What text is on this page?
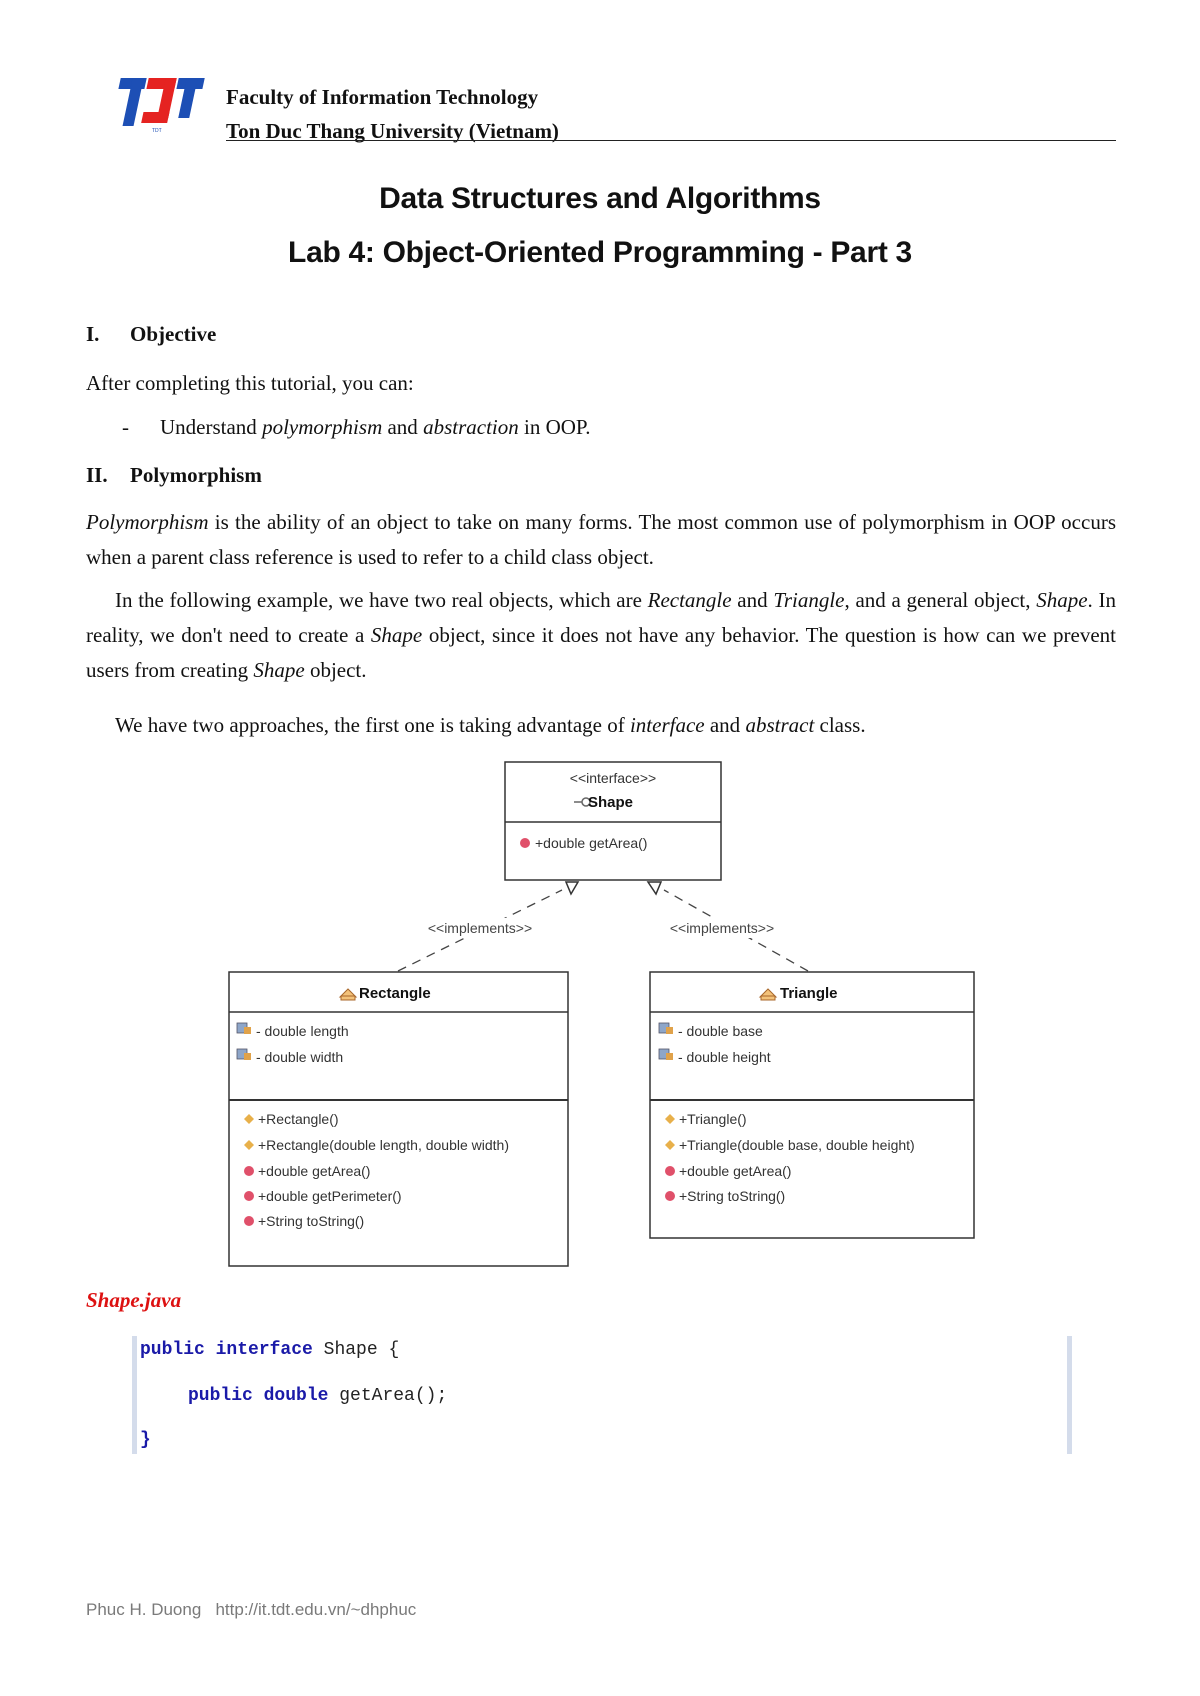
TDT
Faculty of Information Technology
Ton Duc Thang University (Vietnam)
Data Structures and Algorithms
Lab 4: Object-Oriented Programming - Part 3
I. Objective
After completing this tutorial, you can:
- Understand polymorphism and abstraction in OOP.
II. Polymorphism
Polymorphism is the ability of an object to take on many forms. The most common use of polymorphism in OOP occurs when a parent class reference is used to refer to a child class object.
In the following example, we have two real objects, which are Rectangle and Triangle, and a general object, Shape. In reality, we don't need to create a Shape object, since it does not have any behavior. The question is how can we prevent users from creating Shape object.
We have two approaches, the first one is taking advantage of interface and abstract class.
<<interface>>
Shape
+double getArea()
Rectangle
- double length
- double width
+Rectangle()
+Rectangle(double length, double width)
+double getArea()
+double getPerimeter()
+String toString()
Triangle
- double base
- double height
+Triangle()
+Triangle(double base, double height)
+double getArea()
+String toString()
<<implements>>	<<implements>>
Shape.java
public interface Shape {
public double getArea();
}
Phuc H. Duong   http://it.tdt.edu.vn/~dhphuc
